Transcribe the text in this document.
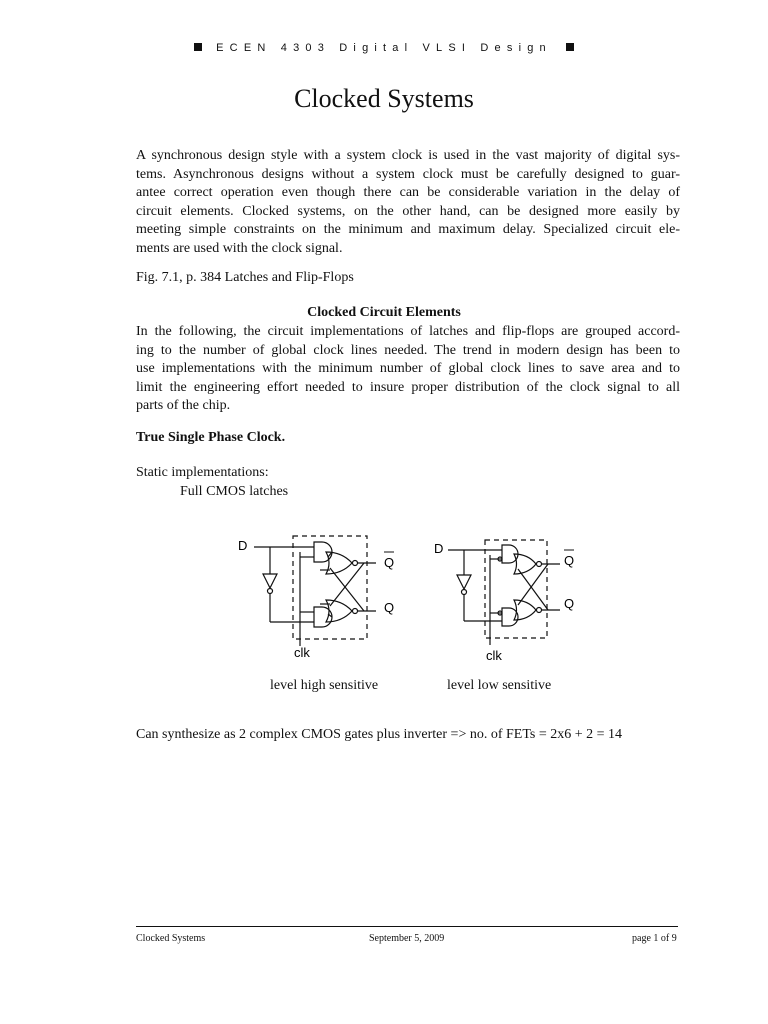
ECEN 4303 Digital VLSI Design
Clocked Systems
A synchronous design style with a system clock is used in the vast majority of digital sys-
tems. Asynchronous designs without a system clock must be carefully designed to guar-
antee correct operation even though there can be considerable variation in the delay of
circuit elements. Clocked systems, on the other hand, can be designed more easily by
meeting simple constraints on the minimum and maximum delay. Specialized circuit ele-
ments are used with the clock signal.
Fig. 7.1, p. 384 Latches and Flip-Flops
Clocked Circuit Elements
In the following, the circuit implementations of latches and flip-flops are grouped accord-
ing to the number of global clock lines needed. The trend in modern design has been to
use implementations with the minimum number of global clock lines to save area and to
limit the engineering effort needed to insure proper distribution of the clock signal to all
parts of the chip.
True Single Phase Clock.
Static implementations:
Full CMOS latches
D
Q
Q
clk
D
Q
Q
clk
level high sensitive	level low sensitive
Can synthesize as 2 complex CMOS gates plus inverter => no. of FETs = 2x6 + 2 = 14
Clocked Systems	September 5, 2009	page 1 of 9
